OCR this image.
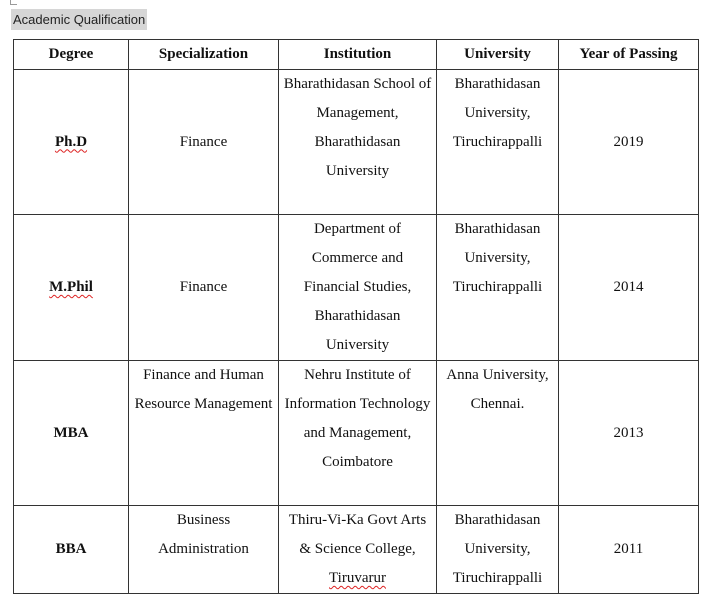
Academic Qualification
Degree	Specialization	Institution	University	Year of Passing
Ph.D	Finance	Bharathidasan School of Management, Bharathidasan University	Bharathidasan University, Tiruchirappalli	2019
M.Phil	Finance	Department of Commerce and Financial Studies, Bharathidasan University	Bharathidasan University, Tiruchirappalli	2014
MBA	Finance and Human Resource Management	Nehru Institute of Information Technology and Management, Coimbatore	Anna University, Chennai.	2013
BBA	Business Administration	Thiru-Vi-Ka Govt Arts & Science College, Tiruvarur	Bharathidasan University, Tiruchirappalli	2011
